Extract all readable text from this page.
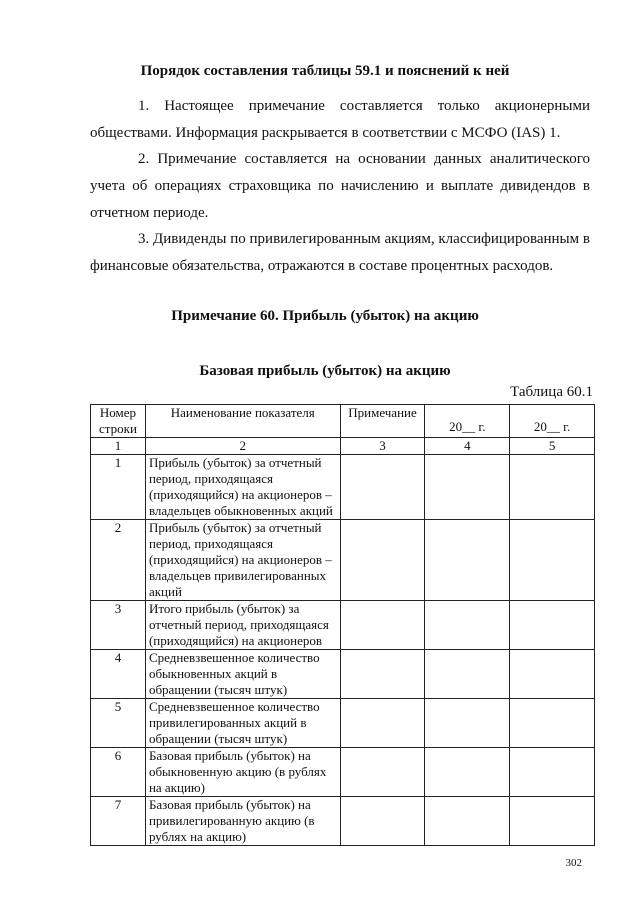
Порядок составления таблицы 59.1 и пояснений к ней
1. Настоящее примечание составляется только акционерными обществами. Информация раскрывается в соответствии с МСФО (IAS) 1.
2. Примечание составляется на основании данных аналитического учета об операциях страховщика по начислению и выплате дивидендов в отчетном периоде.
3. Дивиденды по привилегированным акциям, классифицированным в финансовые обязательства, отражаются в составе процентных расходов.
Примечание 60. Прибыль (убыток) на акцию
Базовая прибыль (убыток) на акцию
Таблица 60.1
Номер строки	Наименование показателя	Примечание	20__ г.	20__ г.
1	2	3	4	5
1	Прибыль (убыток) за отчетный период, приходящаяся (приходящийся) на акционеров – владельцев обыкновенных акций			
2	Прибыль (убыток) за отчетный период, приходящаяся (приходящийся) на акционеров – владельцев привилегированных акций			
3	Итого прибыль (убыток) за отчетный период, приходящаяся (приходящийся) на акционеров			
4	Средневзвешенное количество обыкновенных акций в обращении (тысяч штук)			
5	Средневзвешенное количество привилегированных акций в обращении (тысяч штук)			
6	Базовая прибыль (убыток) на обыкновенную акцию (в рублях на акцию)			
7	Базовая прибыль (убыток) на привилегированную акцию (в рублях на акцию)			
302
